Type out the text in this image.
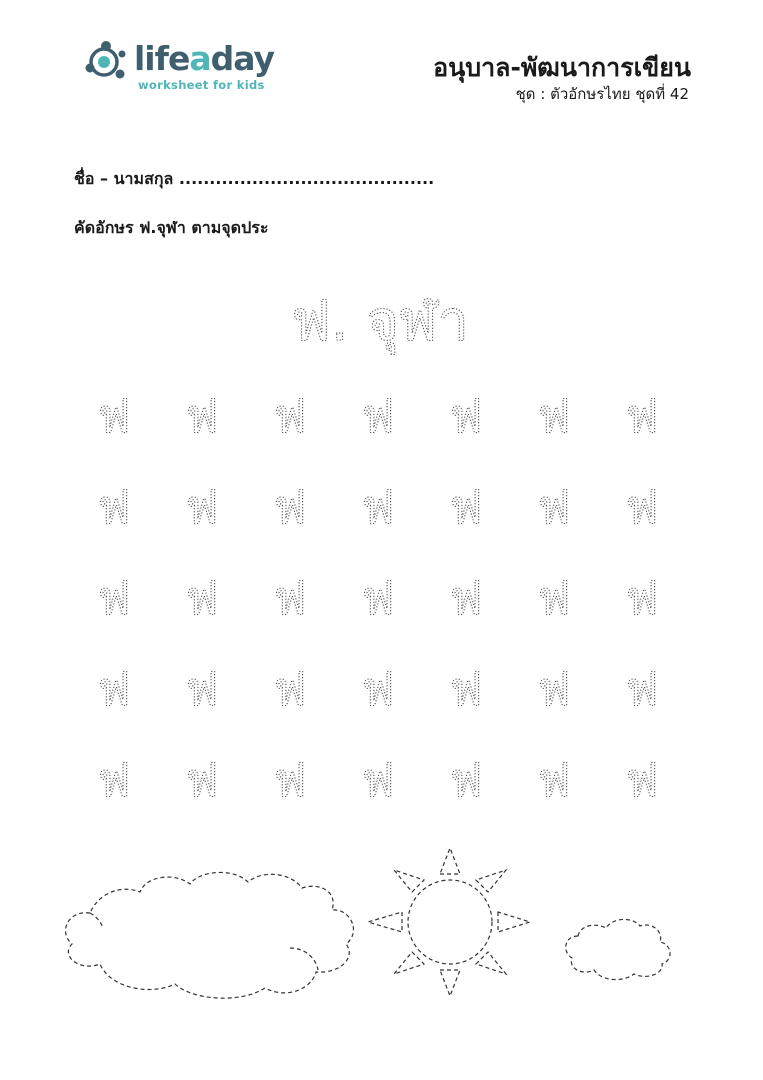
lifeaday
worksheet for kids
อนุบาล-พัฒนาการเขียน
ชุด : ตัวอักษรไทย ชุดที่ 42
ชื่อ – นามสกุล ..........................................
คัดอักษร ฟ.จุฬา ตามจุดประ
ฟ. จุฬา
ฟ ฟ ฟ ฟ ฟ ฟ ฟ
ฟ ฟ ฟ ฟ ฟ ฟ ฟ
ฟ ฟ ฟ ฟ ฟ ฟ ฟ
ฟ ฟ ฟ ฟ ฟ ฟ ฟ
ฟ ฟ ฟ ฟ ฟ ฟ ฟ
